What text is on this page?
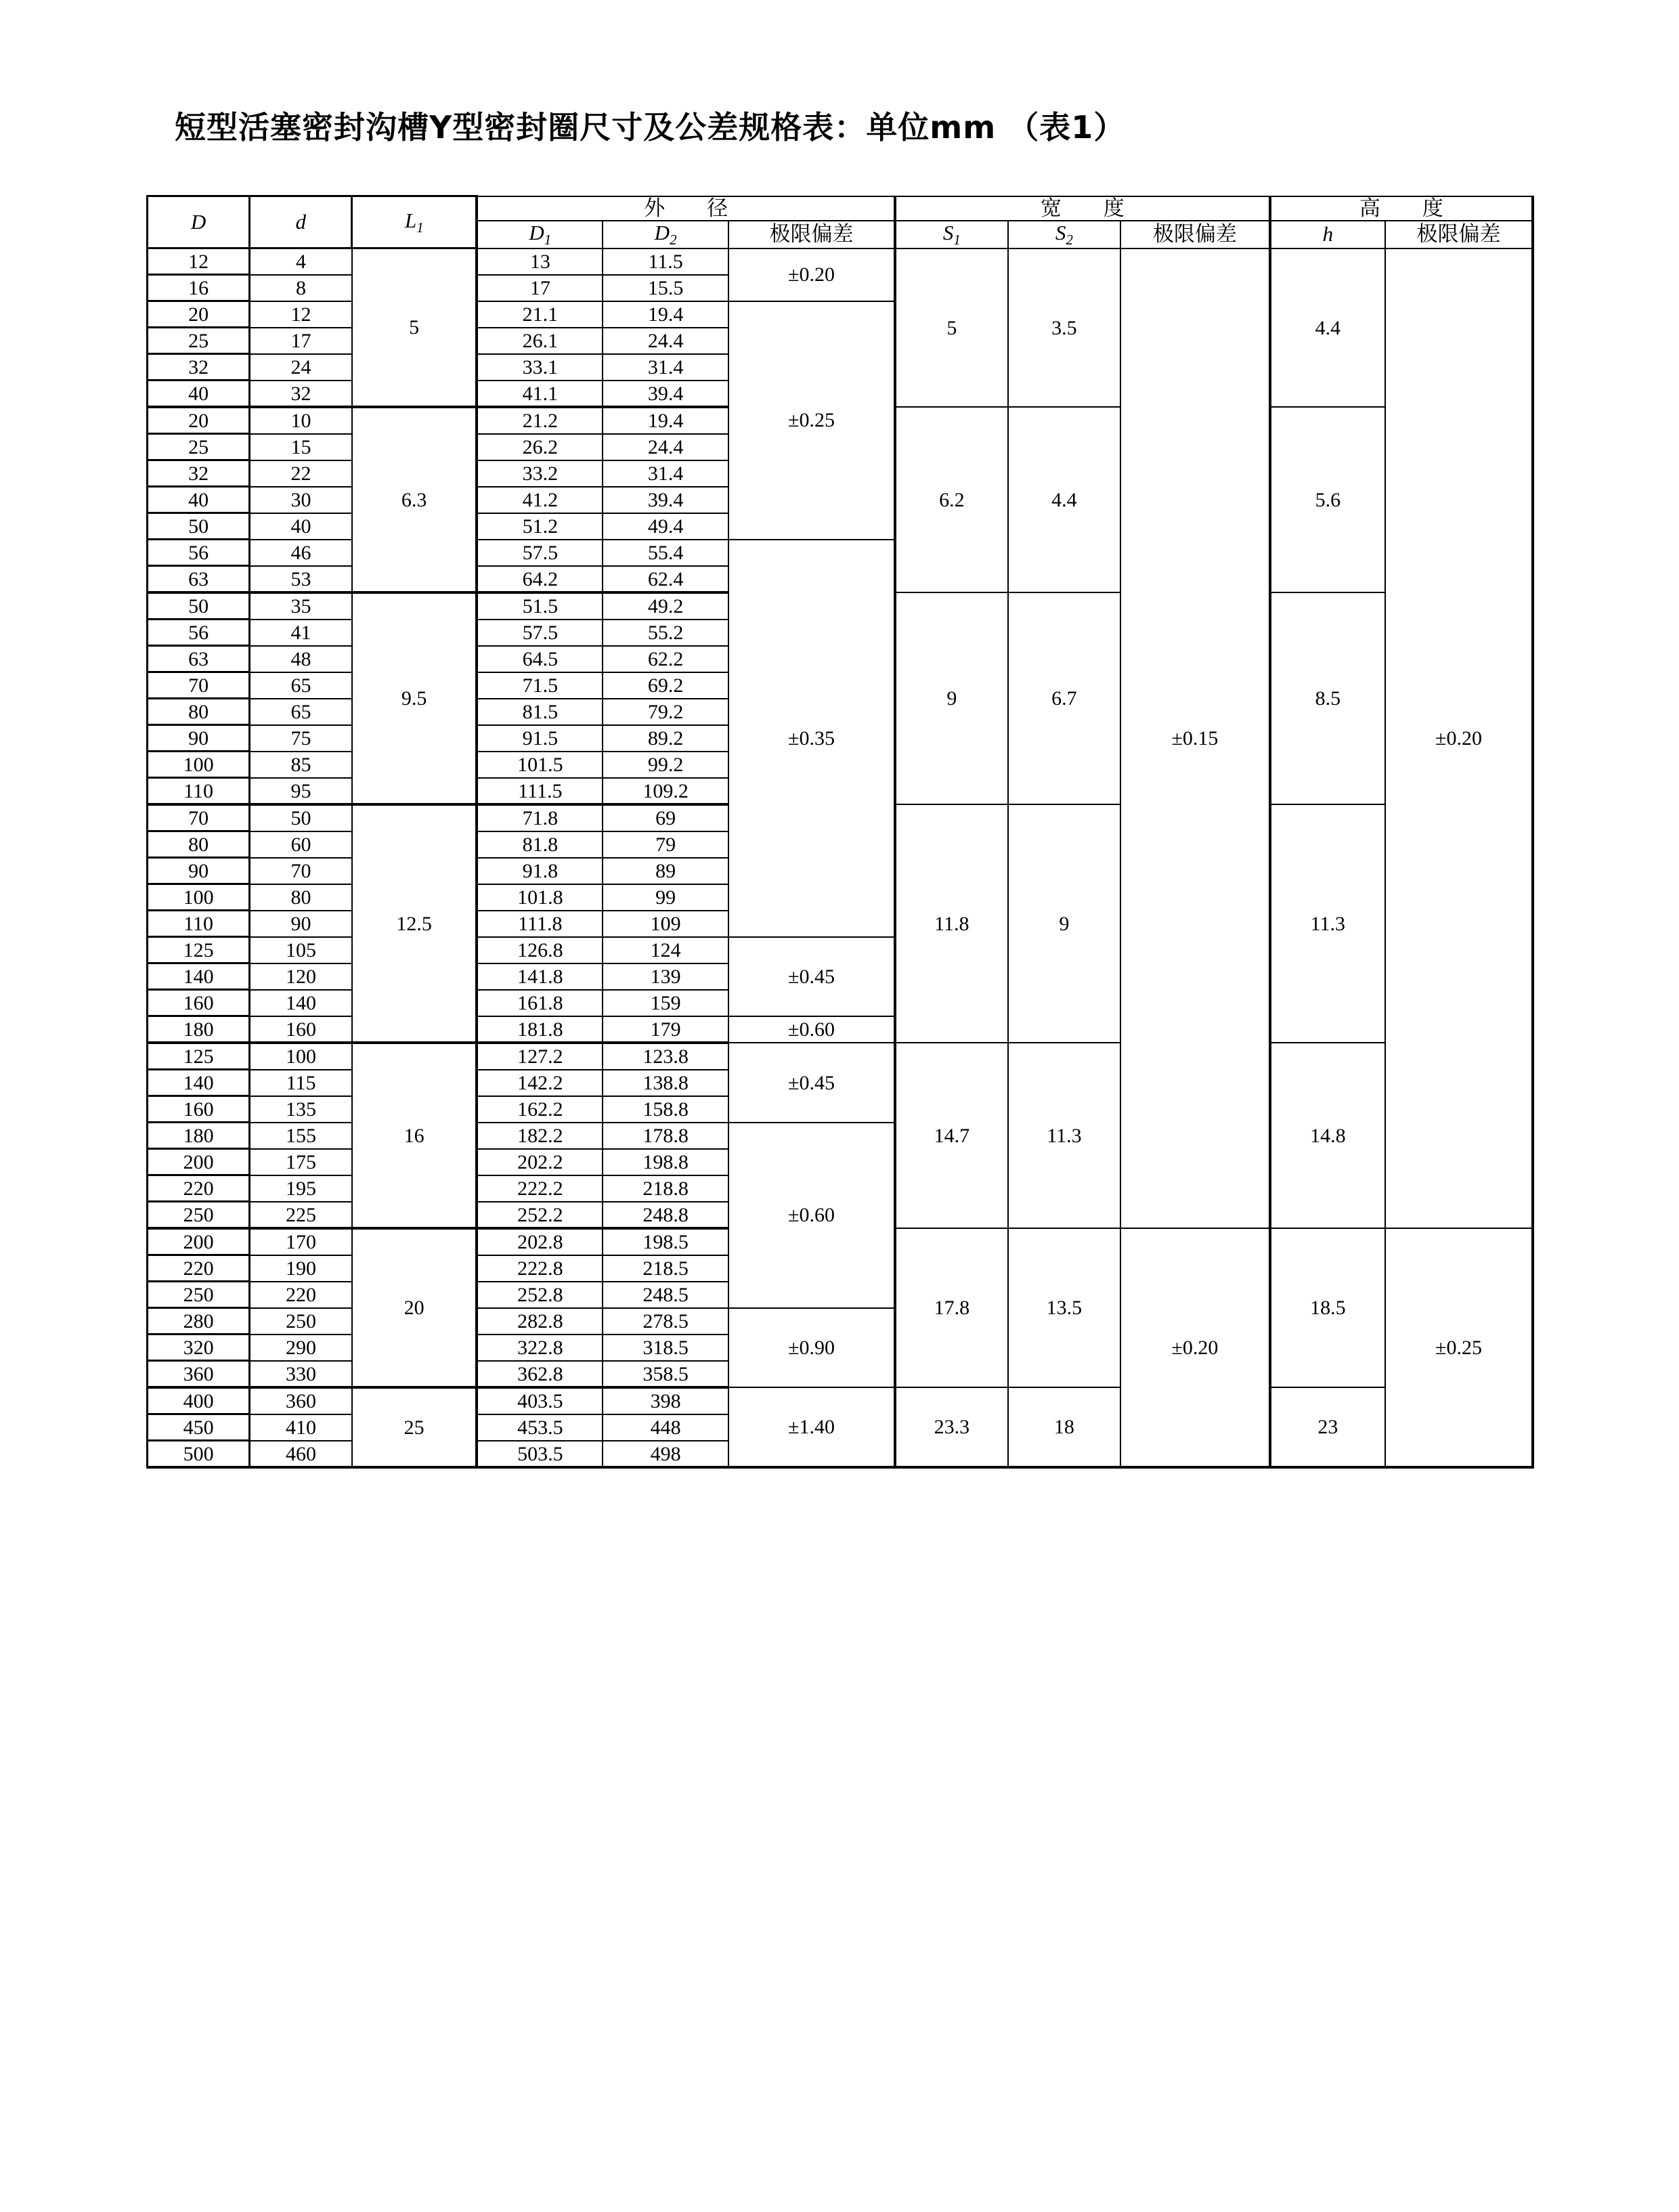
短型活塞密封沟槽Y型密封圈尺寸及公差规格表：单位mm （表1）
D	d	$L_1$	外 径			宽 度			高 度	
			$D_1$	$D_2$	极限偏差	$S_1$	$S_2$	极限偏差	h	极限偏差
12	4	5	13	11.5	±0.20	5	3.5	±0.15	4.4	±0.20
16	8		17	15.5						
20	12		21.1	19.4	±0.25					
25	17		26.1	24.4						
32	24		33.1	31.4						
40	32		41.1	39.4						
20	10	6.3	21.2	19.4		6.2	4.4		5.6	
25	15		26.2	24.4						
32	22		33.2	31.4						
40	30		41.2	39.4						
50	40		51.2	49.4						
56	46		57.5	55.4	±0.35					
63	53		64.2	62.4						
50	35	9.5	51.5	49.2		9	6.7		8.5	
56	41		57.5	55.2						
63	48		64.5	62.2						
70	65		71.5	69.2						
80	65		81.5	79.2						
90	75		91.5	89.2						
100	85		101.5	99.2						
110	95		111.5	109.2						
70	50	12.5	71.8	69		11.8	9		11.3	
80	60		81.8	79						
90	70		91.8	89						
100	80		101.8	99						
110	90		111.8	109						
125	105		126.8	124	±0.45					
140	120		141.8	139						
160	140		161.8	159						
180	160		181.8	179	±0.60					
125	100	16	127.2	123.8	±0.45	14.7	11.3		14.8	
140	115		142.2	138.8						
160	135		162.2	158.8						
180	155		182.2	178.8	±0.60					
200	175		202.2	198.8						
220	195		222.2	218.8						
250	225		252.2	248.8						
200	170	20	202.8	198.5		17.8	13.5	±0.20	18.5	±0.25
220	190		222.8	218.5						
250	220		252.8	248.5						
280	250		282.8	278.5	±0.90					
320	290		322.8	318.5						
360	330		362.8	358.5						
400	360	25	403.5	398	±1.40	23.3	18		23	
450	410		453.5	448						
500	460		503.5	498						
